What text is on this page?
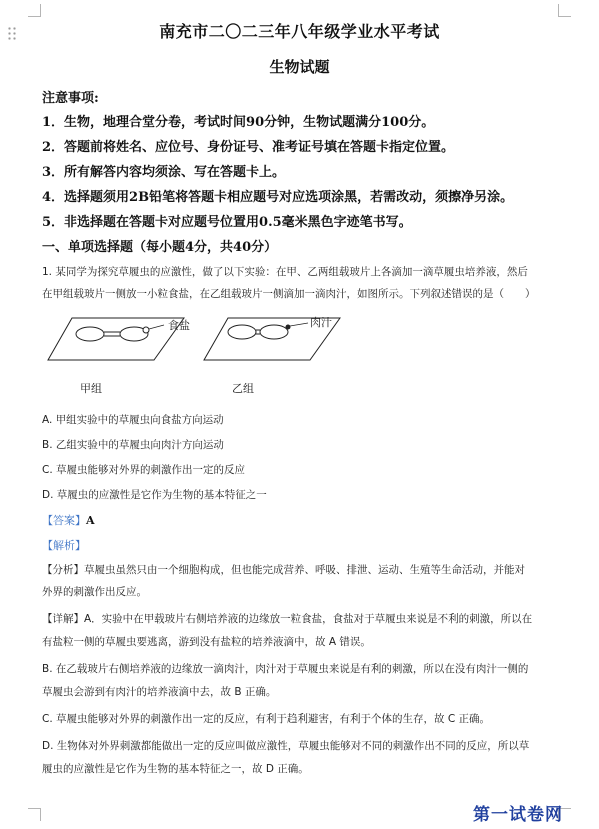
南充市二〇二三年八年级学业水平考试
生物试题
注意事项:
1．生物，地理合堂分卷，考试时间90分钟，生物试题满分100分。
2．答题前将姓名、应位号、身份证号、准考证号填在答题卡指定位置。
3．所有解答内容均须涂、写在答题卡上。
4．选择题须用2B铅笔将答题卡相应题号对应选项涂黑，若需改动，须擦净另涂。
5．非选择题在答题卡对应题号位置用0.5毫米黑色字迹笔书写。
一、单项选择题（每小题4分，共40分）
1. 某同学为探究草履虫的应激性，做了以下实验：在甲、乙两组载玻片上各滴加一滴草履虫培养液，然后
在甲组载玻片一侧放一小粒食盐，在乙组载玻片一侧滴加一滴肉汁，如图所示。下列叙述错误的是（　　）
食盐	肉汁
甲组	乙组
A. 甲组实验中的草履虫向食盐方向运动
B. 乙组实验中的草履虫向肉汁方向运动
C. 草履虫能够对外界的刺激作出一定的反应
D. 草履虫的应激性是它作为生物的基本特征之一
【答案】A
【解析】
【分析】草履虫虽然只由一个细胞构成，但也能完成营养、呼吸、排泄、运动、生殖等生命活动，并能对
外界的刺激作出反应。
【详解】A．实验中在甲载玻片右侧培养液的边缘放一粒食盐，食盐对于草履虫来说是不利的刺激，所以在
有盐粒一侧的草履虫要逃离，游到没有盐粒的培养液滴中，故 A 错误。
B. 在乙载玻片右侧培养液的边缘放一滴肉汁，肉汁对于草履虫来说是有利的刺激，所以在没有肉汁一侧的
草履虫会游到有肉汁的培养液滴中去，故 B 正确。
C. 草履虫能够对外界的刺激作出一定的反应，有利于趋利避害，有利于个体的生存，故 C 正确。
D. 生物体对外界刺激都能做出一定的反应叫做应激性，草履虫能够对不同的刺激作出不同的反应，所以草
履虫的应激性是它作为生物的基本特征之一，故 D 正确。
第一试卷网
